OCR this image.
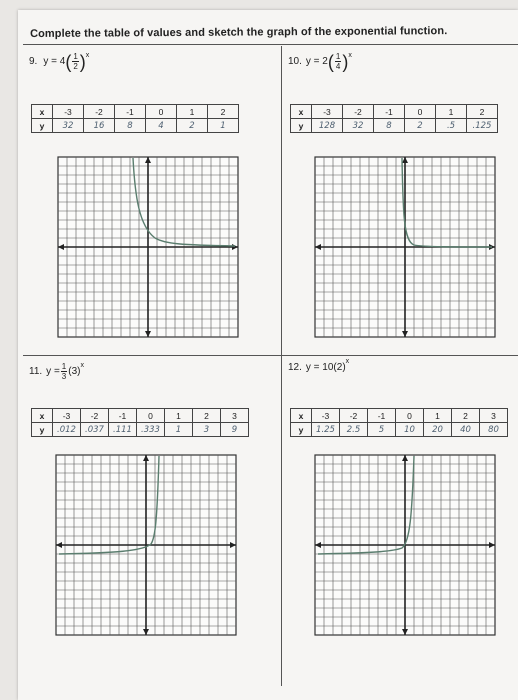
Complete the table of values and sketch the graph of the exponential function.
9. y = 4 ( $\frac{1}{2}$ ) x
x	-3	-2	-1	0	1	2
y	32	16	8	4	2	1
10. y = 2 ( $\frac{1}{4}$ ) x
x	-3	-2	-1	0	1	2
y	128	32	8	2	.5	.125
11. $y = \frac{1}{3} (3)$
x
x	-3	-2	-1	0	1	2	3
y	.012	.037	.111	.333	1	3	9
12. y = 10(2)
x
x	-3	-2	-1	0	1	2	3
y	1.25	2.5	5	10	20	40	80
